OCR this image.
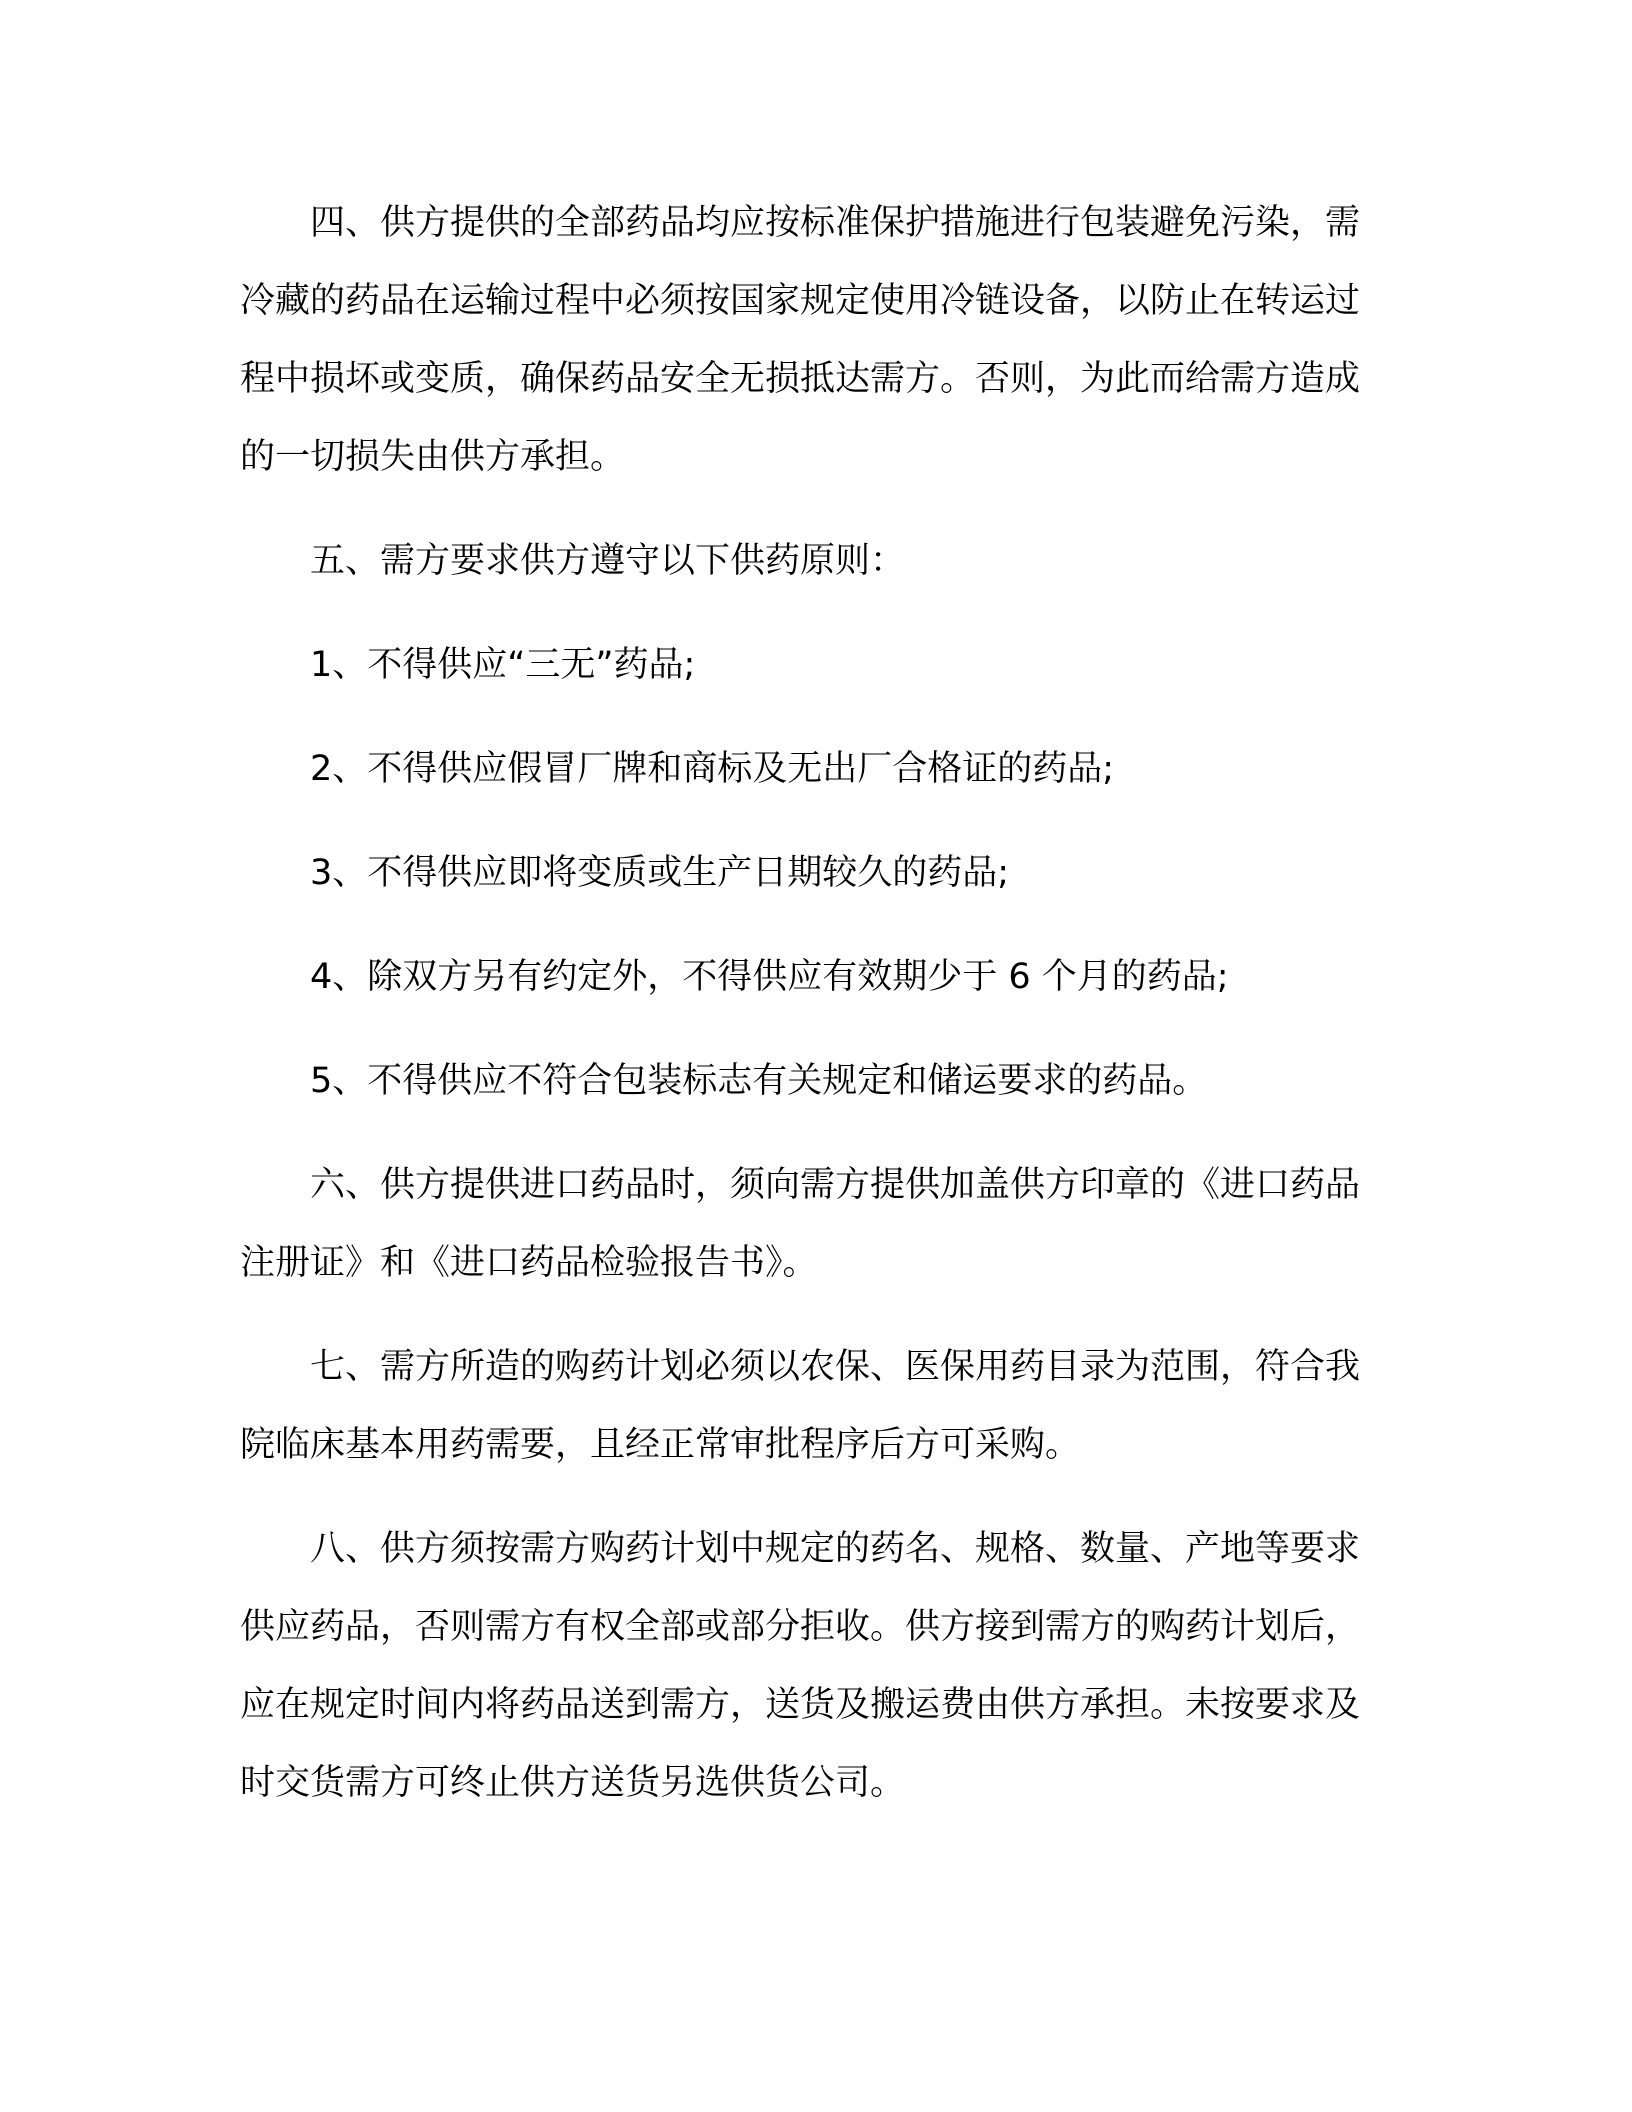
四、供方提供的全部药品均应按标准保护措施进行包装避免污染，需冷藏的药品在运输过程中必须按国家规定使用冷链设备，以防止在转运过程中损坏或变质，确保药品安全无损抵达需方。否则，为此而给需方造成的一切损失由供方承担。

五、需方要求供方遵守以下供药原则：

1、不得供应“三无”药品;

2、不得供应假冒厂牌和商标及无出厂合格证的药品;

3、不得供应即将变质或生产日期较久的药品;

4、除双方另有约定外，不得供应有效期少于 6 个月的药品;

5、不得供应不符合包装标志有关规定和储运要求的药品。

六、供方提供进口药品时，须向需方提供加盖供方印章的《进口药品注册证》和《进口药品检验报告书》。

七、需方所造的购药计划必须以农保、医保用药目录为范围，符合我院临床基本用药需要，且经正常审批程序后方可采购。

八、供方须按需方购药计划中规定的药名、规格、数量、产地等要求供应药品，否则需方有权全部或部分拒收。供方接到需方的购药计划后，应在规定时间内将药品送到需方，送货及搬运费由供方承担。未按要求及时交货需方可终止供方送货另选供货公司。
